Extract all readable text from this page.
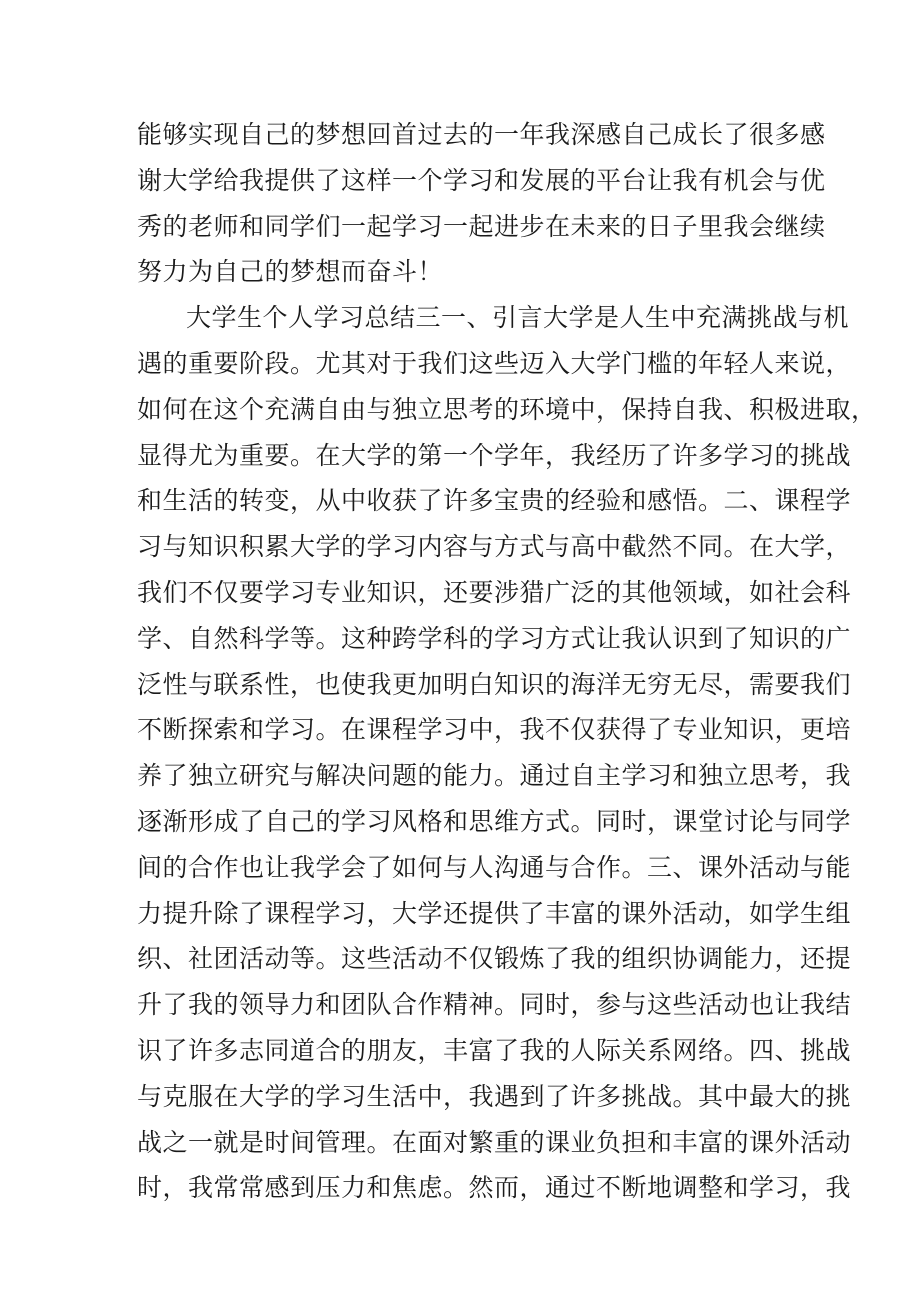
能够实现自己的梦想回首过去的一年我深感自己成长了很多感
谢大学给我提供了这样一个学习和发展的平台让我有机会与优
秀的老师和同学们一起学习一起进步在未来的日子里我会继续
努力为自己的梦想而奋斗！
大学生个人学习总结三一、引言大学是人生中充满挑战与机
遇的重要阶段。尤其对于我们这些迈入大学门槛的年轻人来说，
如何在这个充满自由与独立思考的环境中，保持自我、积极进取，
显得尤为重要。在大学的第一个学年，我经历了许多学习的挑战
和生活的转变，从中收获了许多宝贵的经验和感悟。二、课程学
习与知识积累大学的学习内容与方式与高中截然不同。在大学，
我们不仅要学习专业知识，还要涉猎广泛的其他领域，如社会科
学、自然科学等。这种跨学科的学习方式让我认识到了知识的广
泛性与联系性，也使我更加明白知识的海洋无穷无尽，需要我们
不断探索和学习。在课程学习中，我不仅获得了专业知识，更培
养了独立研究与解决问题的能力。通过自主学习和独立思考，我
逐渐形成了自己的学习风格和思维方式。同时，课堂讨论与同学
间的合作也让我学会了如何与人沟通与合作。三、课外活动与能
力提升除了课程学习，大学还提供了丰富的课外活动，如学生组
织、社团活动等。这些活动不仅锻炼了我的组织协调能力，还提
升了我的领导力和团队合作精神。同时，参与这些活动也让我结
识了许多志同道合的朋友，丰富了我的人际关系网络。四、挑战
与克服在大学的学习生活中，我遇到了许多挑战。其中最大的挑
战之一就是时间管理。在面对繁重的课业负担和丰富的课外活动
时，我常常感到压力和焦虑。然而，通过不断地调整和学习，我
